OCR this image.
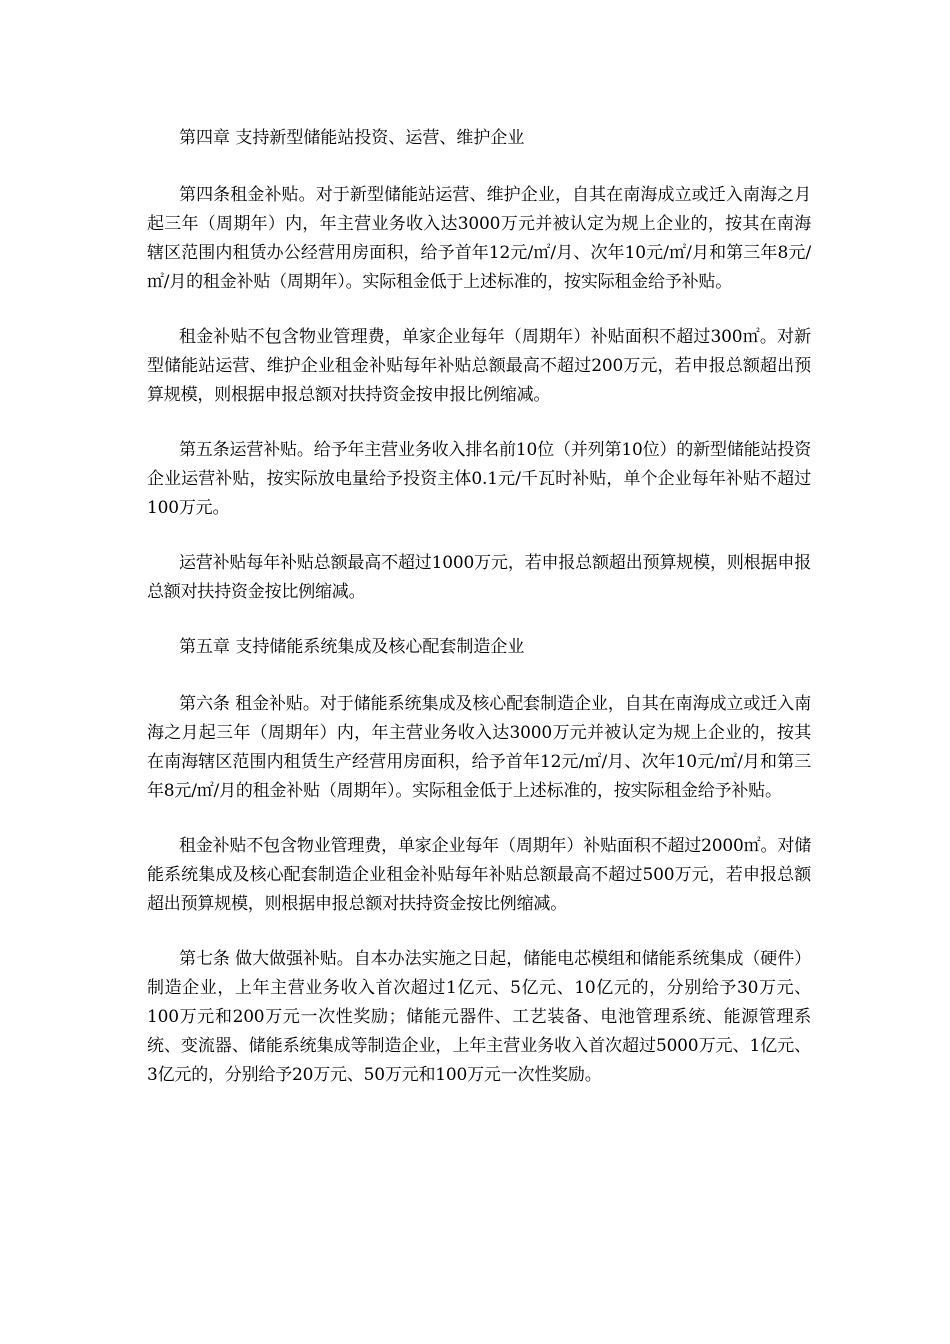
第四章 支持新型储能站投资、运营、维护企业

第四条租金补贴。对于新型储能站运营、维护企业，自其在南海成立或迁入南海之月起三年（周期年）内，年主营业务收入达3000万元并被认定为规上企业的，按其在南海辖区范围内租赁办公经营用房面积，给予首年12元/㎡/月、次年10元/㎡/月和第三年8元/㎡/月的租金补贴（周期年）。实际租金低于上述标准的，按实际租金给予补贴。

租金补贴不包含物业管理费，单家企业每年（周期年）补贴面积不超过300㎡。对新型储能站运营、维护企业租金补贴每年补贴总额最高不超过200万元，若申报总额超出预算规模，则根据申报总额对扶持资金按申报比例缩减。

第五条运营补贴。给予年主营业务收入排名前10位（并列第10位）的新型储能站投资企业运营补贴，按实际放电量给予投资主体0.1元/千瓦时补贴，单个企业每年补贴不超过100万元。

运营补贴每年补贴总额最高不超过1000万元，若申报总额超出预算规模，则根据申报总额对扶持资金按比例缩减。

第五章 支持储能系统集成及核心配套制造企业

第六条 租金补贴。对于储能系统集成及核心配套制造企业，自其在南海成立或迁入南海之月起三年（周期年）内，年主营业务收入达3000万元并被认定为规上企业的，按其在南海辖区范围内租赁生产经营用房面积，给予首年12元/㎡/月、次年10元/㎡/月和第三年8元/㎡/月的租金补贴（周期年）。实际租金低于上述标准的，按实际租金给予补贴。

租金补贴不包含物业管理费，单家企业每年（周期年）补贴面积不超过2000㎡。对储能系统集成及核心配套制造企业租金补贴每年补贴总额最高不超过500万元，若申报总额超出预算规模，则根据申报总额对扶持资金按比例缩减。

第七条 做大做强补贴。自本办法实施之日起，储能电芯模组和储能系统集成（硬件）制造企业，上年主营业务收入首次超过1亿元、5亿元、10亿元的，分别给予30万元、100万元和200万元一次性奖励；储能元器件、工艺装备、电池管理系统、能源管理系统、变流器、储能系统集成等制造企业，上年主营业务收入首次超过5000万元、1亿元、3亿元的，分别给予20万元、50万元和100万元一次性奖励。
